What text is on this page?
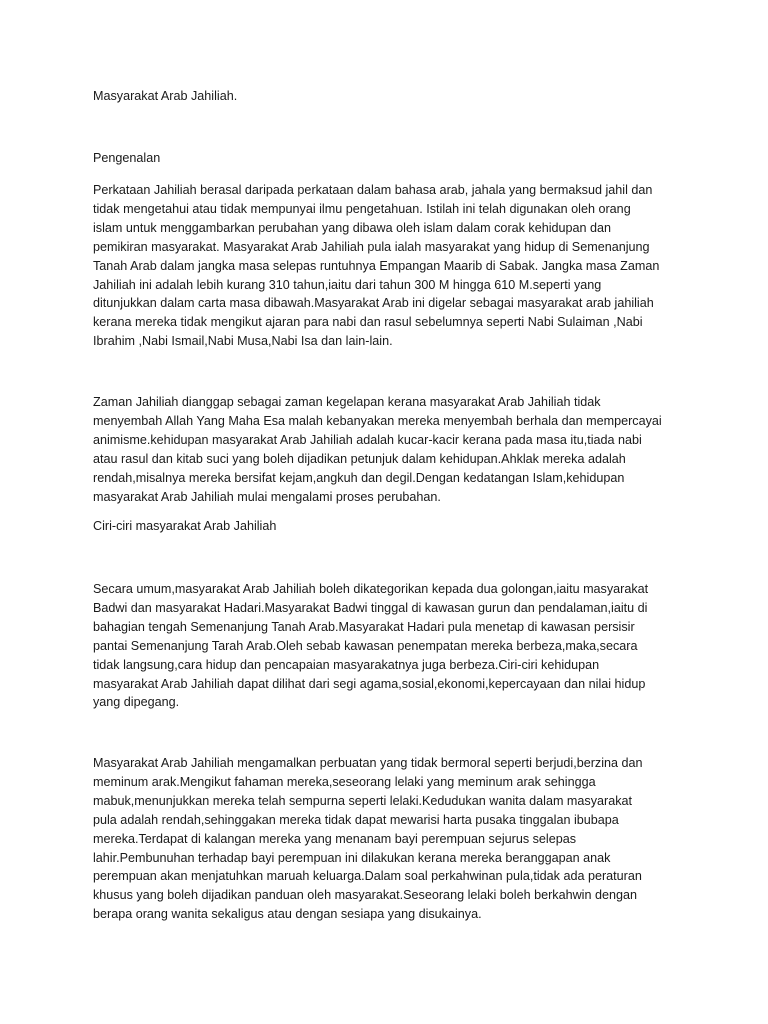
Masyarakat Arab Jahiliah.

Pengenalan

Perkataan Jahiliah berasal daripada perkataan dalam bahasa arab, jahala yang bermaksud jahil dan
tidak mengetahui atau tidak mempunyai ilmu pengetahuan. Istilah ini telah digunakan oleh orang
islam untuk menggambarkan perubahan yang dibawa oleh islam dalam corak kehidupan dan
pemikiran masyarakat. Masyarakat Arab Jahiliah pula ialah masyarakat yang hidup di Semenanjung
Tanah Arab dalam jangka masa selepas runtuhnya Empangan Maarib di Sabak. Jangka masa Zaman
Jahiliah ini adalah lebih kurang 310 tahun,iaitu dari tahun 300 M hingga 610 M.seperti yang
ditunjukkan dalam carta masa dibawah.Masyarakat Arab ini digelar sebagai masyarakat arab jahiliah
kerana mereka tidak mengikut ajaran para nabi dan rasul sebelumnya seperti Nabi Sulaiman ,Nabi
Ibrahim ,Nabi Ismail,Nabi Musa,Nabi Isa dan lain-lain.

Zaman Jahiliah dianggap sebagai zaman kegelapan kerana masyarakat Arab Jahiliah tidak
menyembah Allah Yang Maha Esa malah kebanyakan mereka menyembah berhala dan mempercayai
animisme.kehidupan masyarakat Arab Jahiliah adalah kucar-kacir kerana pada masa itu,tiada nabi
atau rasul dan kitab suci yang boleh dijadikan petunjuk dalam kehidupan.Ahklak mereka adalah
rendah,misalnya mereka bersifat kejam,angkuh dan degil.Dengan kedatangan Islam,kehidupan
masyarakat Arab Jahiliah mulai mengalami proses perubahan.

Ciri-ciri masyarakat Arab Jahiliah

Secara umum,masyarakat Arab Jahiliah boleh dikategorikan kepada dua golongan,iaitu masyarakat
Badwi dan masyarakat Hadari.Masyarakat Badwi tinggal di kawasan gurun dan pendalaman,iaitu di
bahagian tengah Semenanjung Tanah Arab.Masyarakat Hadari pula menetap di kawasan persisir
pantai Semenanjung Tarah Arab.Oleh sebab kawasan penempatan mereka berbeza,maka,secara
tidak langsung,cara hidup dan pencapaian masyarakatnya juga berbeza.Ciri-ciri kehidupan
masyarakat Arab Jahiliah dapat dilihat dari segi agama,sosial,ekonomi,kepercayaan dan nilai hidup
yang dipegang.

Masyarakat Arab Jahiliah mengamalkan perbuatan yang tidak bermoral seperti berjudi,berzina dan
meminum arak.Mengikut fahaman mereka,seseorang lelaki yang meminum arak sehingga
mabuk,menunjukkan mereka telah sempurna seperti lelaki.Kedudukan wanita dalam masyarakat
pula adalah rendah,sehinggakan mereka tidak dapat mewarisi harta pusaka tinggalan ibubapa
mereka.Terdapat di kalangan mereka yang menanam bayi perempuan sejurus selepas
lahir.Pembunuhan terhadap bayi perempuan ini dilakukan kerana mereka beranggapan anak
perempuan akan menjatuhkan maruah keluarga.Dalam soal perkahwinan pula,tidak ada peraturan
khusus yang boleh dijadikan panduan oleh masyarakat.Seseorang lelaki boleh berkahwin dengan
berapa orang wanita sekaligus atau dengan sesiapa yang disukainya.
